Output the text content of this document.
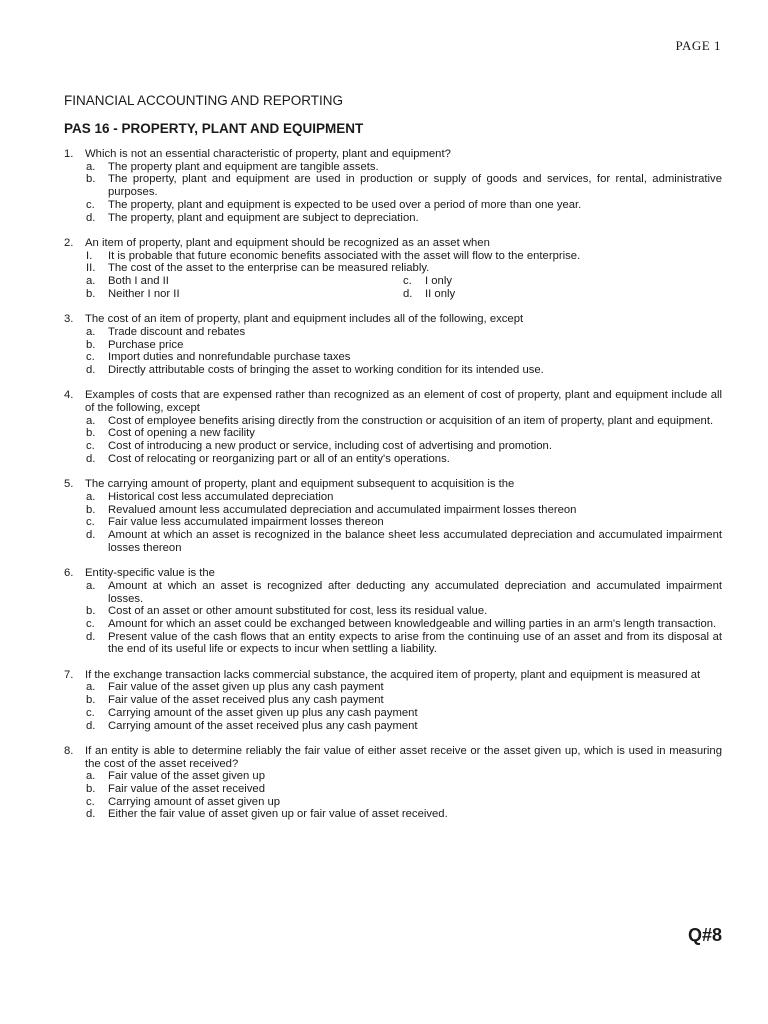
PAGE 1
FINANCIAL ACCOUNTING AND REPORTING
PAS 16 - PROPERTY, PLANT AND EQUIPMENT
1. Which is not an essential characteristic of property, plant and equipment?
a. The property plant and equipment are tangible assets.
b. The property, plant and equipment are used in production or supply of goods and services, for rental, administrative purposes.
c. The property, plant and equipment is expected to be used over a period of more than one year.
d. The property, plant and equipment are subject to depreciation.
2. An item of property, plant and equipment should be recognized as an asset when
I. It is probable that future economic benefits associated with the asset will flow to the enterprise.
II. The cost of the asset to the enterprise can be measured reliably.
a. Both I and II	c. I only
b. Neither I nor II	d. II only
3. The cost of an item of property, plant and equipment includes all of the following, except
a. Trade discount and rebates
b. Purchase price
c. Import duties and nonrefundable purchase taxes
d. Directly attributable costs of bringing the asset to working condition for its intended use.
4. Examples of costs that are expensed rather than recognized as an element of cost of property, plant and equipment include all of the following, except
a. Cost of employee benefits arising directly from the construction or acquisition of an item of property, plant and equipment.
b. Cost of opening a new facility
c. Cost of introducing a new product or service, including cost of advertising and promotion.
d. Cost of relocating or reorganizing part or all of an entity's operations.
5. The carrying amount of property, plant and equipment subsequent to acquisition is the
a. Historical cost less accumulated depreciation
b. Revalued amount less accumulated depreciation and accumulated impairment losses thereon
c. Fair value less accumulated impairment losses thereon
d. Amount at which an asset is recognized in the balance sheet less accumulated depreciation and accumulated impairment losses thereon
6. Entity-specific value is the
a. Amount at which an asset is recognized after deducting any accumulated depreciation and accumulated impairment losses.
b. Cost of an asset or other amount substituted for cost, less its residual value.
c. Amount for which an asset could be exchanged between knowledgeable and willing parties in an arm's length transaction.
d. Present value of the cash flows that an entity expects to arise from the continuing use of an asset and from its disposal at the end of its useful life or expects to incur when settling a liability.
7. If the exchange transaction lacks commercial substance, the acquired item of property, plant and equipment is measured at
a. Fair value of the asset given up plus any cash payment
b. Fair value of the asset received plus any cash payment
c. Carrying amount of the asset given up plus any cash payment
d. Carrying amount of the asset received plus any cash payment
8. If an entity is able to determine reliably the fair value of either asset receive or the asset given up, which is used in measuring the cost of the asset received?
a. Fair value of the asset given up
b. Fair value of the asset received
c. Carrying amount of asset given up
d. Either the fair value of asset given up or fair value of asset received.
Q#8
